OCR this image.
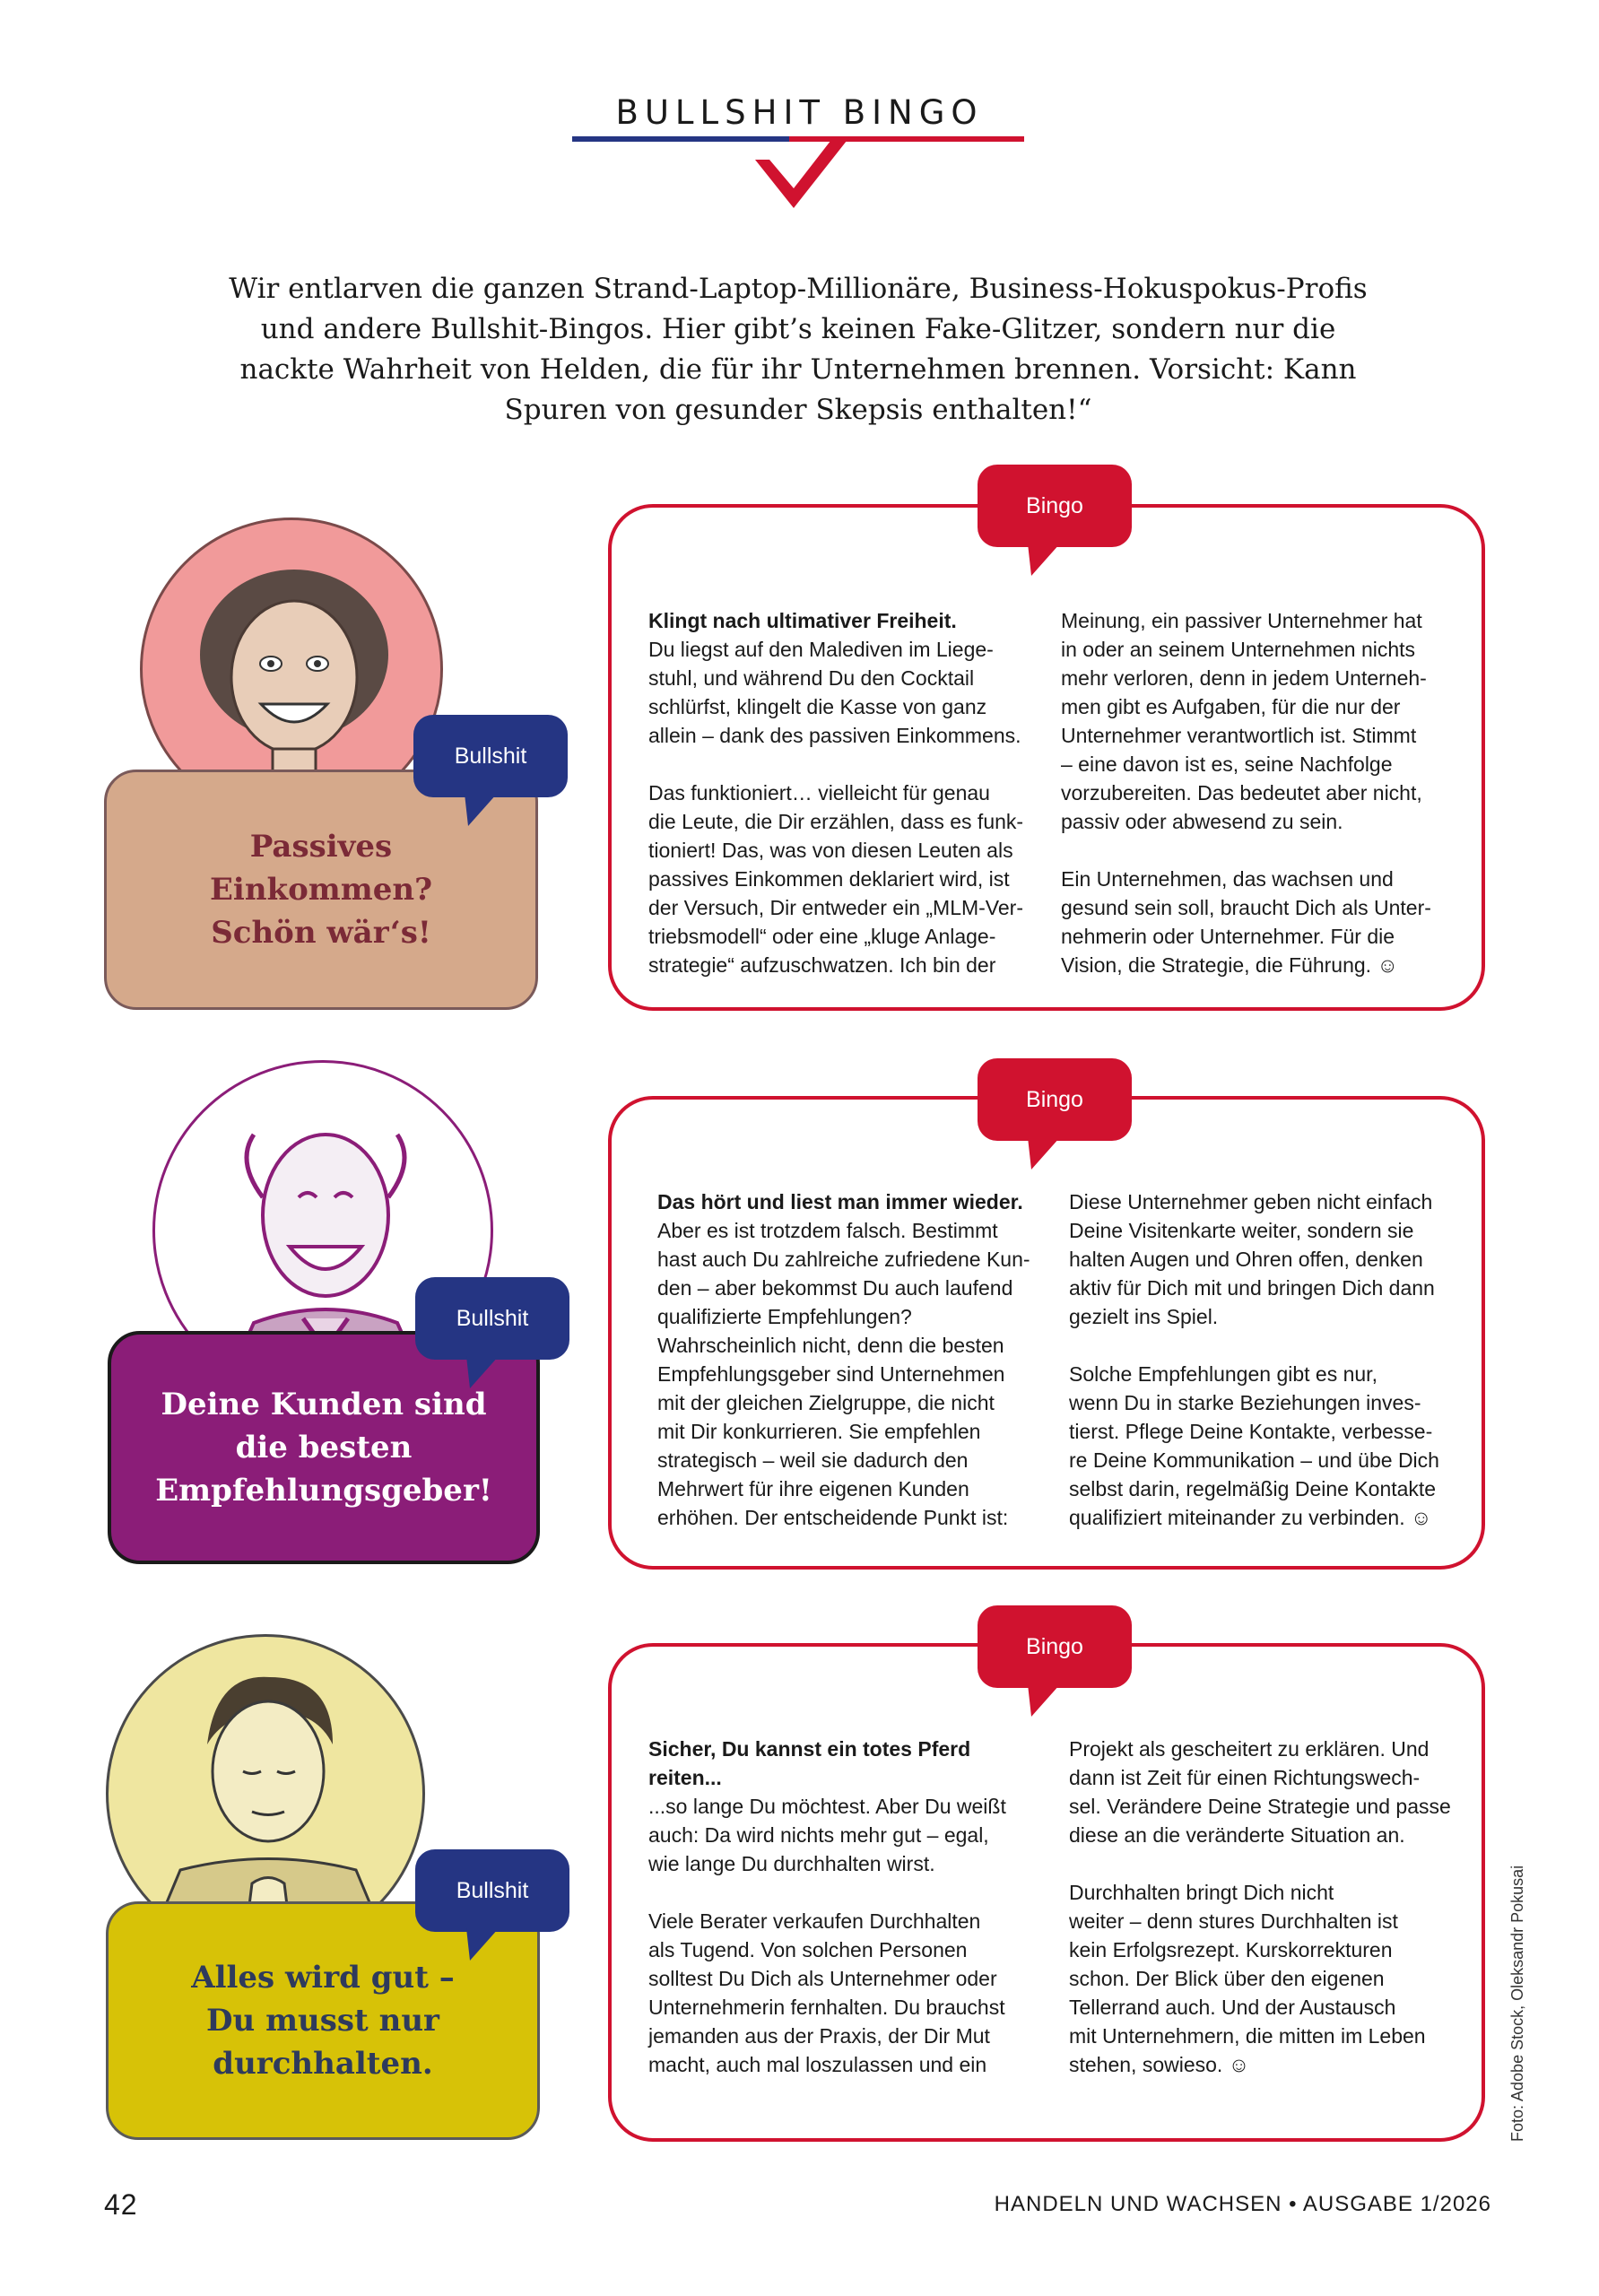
BULLSHIT BINGO
Wir entlarven die ganzen Strand-Laptop-Millionäre, Business-Hokuspokus-Profis
und andere Bullshit-Bingos. Hier gibt’s keinen Fake-Glitzer, sondern nur die
nackte Wahrheit von Helden, die für ihr Unternehmen brennen. Vorsicht: Kann
Spuren von gesunder Skepsis enthalten!“
Passives
Einkommen?
Schön wär‘s!
Bullshit
Bingo
Klingt nach ultimativer Freiheit.
Du liegst auf den Malediven im Liege-
stuhl, und während Du den Cocktail
schlürfst, klingelt die Kasse von ganz
allein – dank des passiven Einkommens.

Das funktioniert… vielleicht für genau
die Leute, die Dir erzählen, dass es funk-
tioniert! Das, was von diesen Leuten als
passives Einkommen deklariert wird, ist
der Versuch, Dir entweder ein „MLM-Ver-
triebsmodell“ oder eine „kluge Anlage-
strategie“ aufzuschwatzen. Ich bin der
Meinung, ein passiver Unternehmer hat
in oder an seinem Unternehmen nichts
mehr verloren, denn in jedem Unterneh-
men gibt es Aufgaben, für die nur der
Unternehmer verantwortlich ist. Stimmt
– eine davon ist es, seine Nachfolge
vorzubereiten. Das bedeutet aber nicht,
passiv oder abwesend zu sein.

Ein Unternehmen, das wachsen und
gesund sein soll, braucht Dich als Unter-
nehmerin oder Unternehmer. Für die
Vision, die Strategie, die Führung. ☺
Deine Kunden sind
die besten
Empfehlungsgeber!
Bullshit
Bingo
Das hört und liest man immer wieder.
Aber es ist trotzdem falsch. Bestimmt
hast auch Du zahlreiche zufriedene Kun-
den – aber bekommst Du auch laufend
qualifizierte Empfehlungen?
Wahrscheinlich nicht, denn die besten
Empfehlungsgeber sind Unternehmen
mit der gleichen Zielgruppe, die nicht
mit Dir konkurrieren. Sie empfehlen
strategisch – weil sie dadurch den
Mehrwert für ihre eigenen Kunden
erhöhen. Der entscheidende Punkt ist:
Diese Unternehmer geben nicht einfach
Deine Visitenkarte weiter, sondern sie
halten Augen und Ohren offen, denken
aktiv für Dich mit und bringen Dich dann
gezielt ins Spiel.

Solche Empfehlungen gibt es nur,
wenn Du in starke Beziehungen inves-
tierst. Pflege Deine Kontakte, verbesse-
re Deine Kommunikation – und übe Dich
selbst darin, regelmäßig Deine Kontakte
qualifiziert miteinander zu verbinden. ☺
Alles wird gut –
Du musst nur
durchhalten.
Bullshit
Bingo
Sicher, Du kannst ein totes Pferd
reiten...
...so lange Du möchtest. Aber Du weißt
auch: Da wird nichts mehr gut – egal,
wie lange Du durchhalten wirst.

Viele Berater verkaufen Durchhalten
als Tugend. Von solchen Personen
solltest Du Dich als Unternehmer oder
Unternehmerin fernhalten. Du brauchst
jemanden aus der Praxis, der Dir Mut
macht, auch mal loszulassen und ein
Projekt als gescheitert zu erklären. Und
dann ist Zeit für einen Richtungswech-
sel. Verändere Deine Strategie und passe
diese an die veränderte Situation an.

Durchhalten bringt Dich nicht
weiter – denn stures Durchhalten ist
kein Erfolgsrezept. Kurskorrekturen
schon. Der Blick über den eigenen
Tellerrand auch. Und der Austausch
mit Unternehmern, die mitten im Leben
stehen, sowieso. ☺	Foto: Adobe Stock, Oleksandr Pokusai
42	HANDELN UND WACHSEN • AUSGABE 1/2026
